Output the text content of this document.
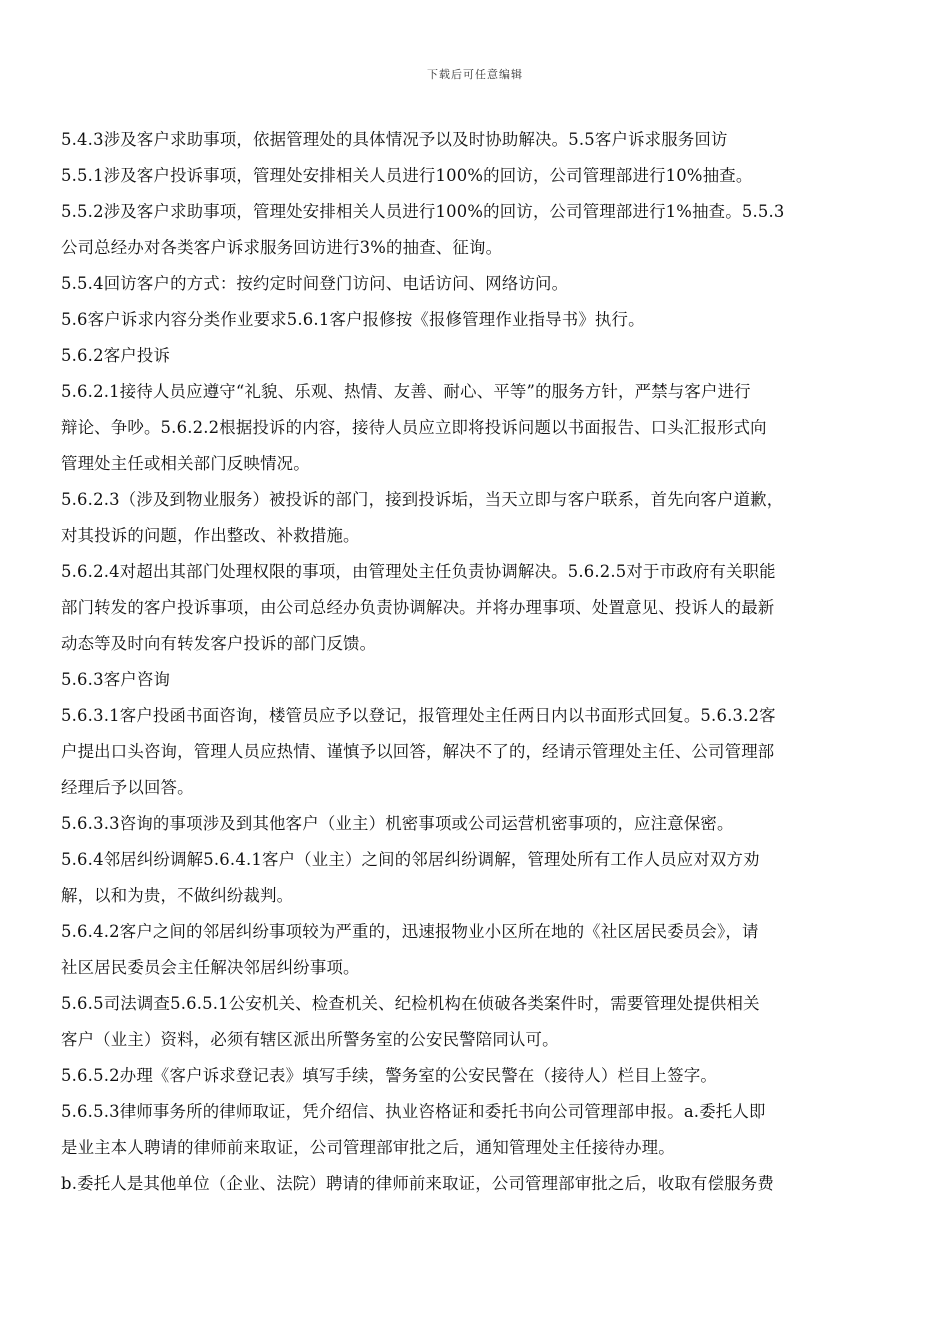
下载后可任意编辑
5.4.3涉及客户求助事项，依据管理处的具体情况予以及时协助解决。5.5客户诉求服务回访
5.5.1涉及客户投诉事项，管理处安排相关人员进行100%的回访，公司管理部进行10%抽查。
5.5.2涉及客户求助事项，管理处安排相关人员进行100%的回访，公司管理部进行1%抽查。5.5.3
公司总经办对各类客户诉求服务回访进行3%的抽查、征询。
5.5.4回访客户的方式：按约定时间登门访问、电话访问、网络访问。
5.6客户诉求内容分类作业要求5.6.1客户报修按《报修管理作业指导书》执行。
5.6.2客户投诉
5.6.2.1接待人员应遵守“礼貌、乐观、热情、友善、耐心、平等”的服务方针，严禁与客户进行
辩论、争吵。5.6.2.2根据投诉的内容，接待人员应立即将投诉问题以书面报告、口头汇报形式向
管理处主任或相关部门反映情况。
5.6.2.3（涉及到物业服务）被投诉的部门，接到投诉垢，当天立即与客户联系，首先向客户道歉，
对其投诉的问题，作出整改、补救措施。
5.6.2.4对超出其部门处理权限的事项，由管理处主任负责协调解决。5.6.2.5对于市政府有关职能
部门转发的客户投诉事项，由公司总经办负责协调解决。并将办理事项、处置意见、投诉人的最新
动态等及时向有转发客户投诉的部门反馈。
5.6.3客户咨询
5.6.3.1客户投函书面咨询，楼管员应予以登记，报管理处主任两日内以书面形式回复。5.6.3.2客
户提出口头咨询，管理人员应热情、谨慎予以回答，解决不了的，经请示管理处主任、公司管理部
经理后予以回答。
5.6.3.3咨询的事项涉及到其他客户（业主）机密事项或公司运营机密事项的，应注意保密。
5.6.4邻居纠纷调解5.6.4.1客户（业主）之间的邻居纠纷调解，管理处所有工作人员应对双方劝
解，以和为贵，不做纠纷裁判。
5.6.4.2客户之间的邻居纠纷事项较为严重的，迅速报物业小区所在地的《社区居民委员会》，请
社区居民委员会主任解决邻居纠纷事项。
5.6.5司法调查5.6.5.1公安机关、检查机关、纪检机构在侦破各类案件时，需要管理处提供相关
客户（业主）资料，必须有辖区派出所警务室的公安民警陪同认可。
5.6.5.2办理《客户诉求登记表》填写手续，警务室的公安民警在（接待人）栏目上签字。
5.6.5.3律师事务所的律师取证，凭介绍信、执业咨格证和委托书向公司管理部申报。a.委托人即
是业主本人聘请的律师前来取证，公司管理部审批之后，通知管理处主任接待办理。
b.委托人是其他单位（企业、法院）聘请的律师前来取证，公司管理部审批之后，收取有偿服务费
